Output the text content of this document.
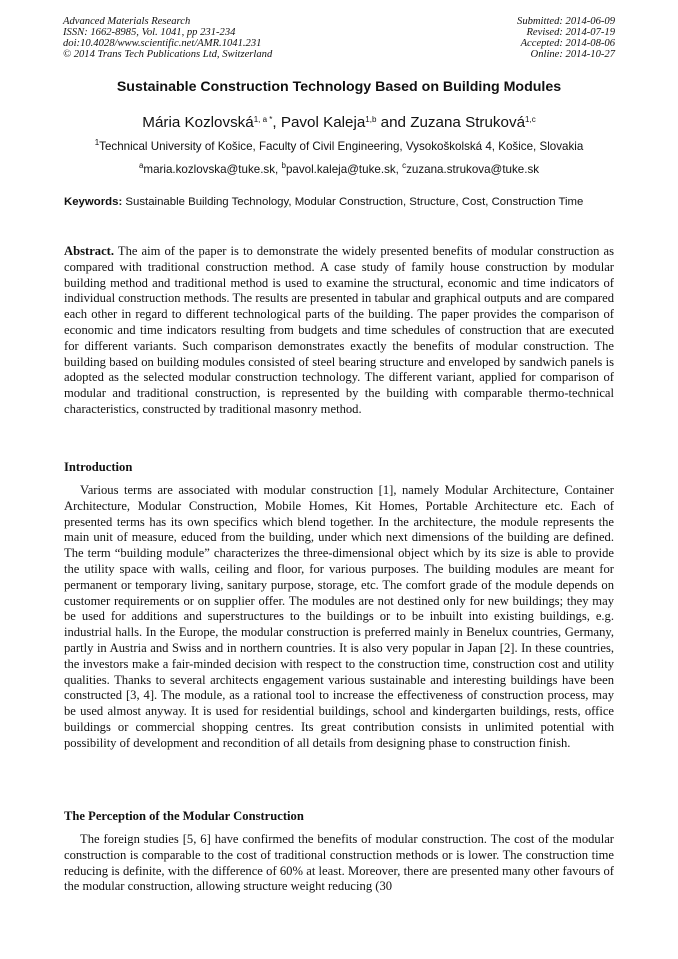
Advanced Materials Research
ISSN: 1662-8985, Vol. 1041, pp 231-234
doi:10.4028/www.scientific.net/AMR.1041.231
© 2014 Trans Tech Publications Ltd, Switzerland
Submitted: 2014-06-09
Revised: 2014-07-19
Accepted: 2014-08-06
Online: 2014-10-27
Sustainable Construction Technology Based on Building Modules
Mária Kozlovská$^{1, a *}$, Pavol Kaleja$^{1,b}$ and Zuzana Struková$^{1,c}$
$^1$Technical University of Košice, Faculty of Civil Engineering, Vysokoškolská 4, Košice, Slovakia
$^a$maria.kozlovska@tuke.sk, $^b$pavol.kaleja@tuke.sk, $^c$zuzana.strukova@tuke.sk
Keywords: Sustainable Building Technology, Modular Construction, Structure, Cost, Construction Time
Abstract. The aim of the paper is to demonstrate the widely presented benefits of modular construction as compared with traditional construction method. A case study of family house construction by modular building method and traditional method is used to examine the structural, economic and time indicators of individual construction methods. The results are presented in tabular and graphical outputs and are compared each other in regard to different technological parts of the building. The paper provides the comparison of economic and time indicators resulting from budgets and time schedules of construction that are executed for different variants. Such comparison demonstrates exactly the benefits of modular construction. The building based on building modules consisted of steel bearing structure and enveloped by sandwich panels is adopted as the selected modular construction technology. The different variant, applied for comparison of modular and traditional construction, is represented by the building with comparable thermo-technical characteristics, constructed by traditional masonry method.
Introduction
Various terms are associated with modular construction [1], namely Modular Architecture, Container Architecture, Modular Construction, Mobile Homes, Kit Homes, Portable Architecture etc. Each of presented terms has its own specifics which blend together. In the architecture, the module represents the main unit of measure, educed from the building, under which next dimensions of the building are defined. The term “building module” characterizes the three-dimensional object which by its size is able to provide the utility space with walls, ceiling and floor, for various purposes. The building modules are meant for permanent or temporary living, sanitary purpose, storage, etc. The comfort grade of the module depends on customer requirements or on supplier offer. The modules are not destined only for new buildings; they may be used for additions and superstructures to the buildings or to be inbuilt into existing buildings, e.g. industrial halls. In the Europe, the modular construction is preferred mainly in Benelux countries, Germany, partly in Austria and Swiss and in northern countries. It is also very popular in Japan [2]. In these countries, the investors make a fair-minded decision with respect to the construction time, construction cost and utility qualities. Thanks to several architects engagement various sustainable and interesting buildings have been constructed [3, 4]. The module, as a rational tool to increase the effectiveness of construction process, may be used almost anyway. It is used for residential buildings, school and kindergarten buildings, rests, office buildings or commercial shopping centres. Its great contribution consists in unlimited potential with possibility of development and recondition of all details from designing phase to construction finish.
The Perception of the Modular Construction
The foreign studies [5, 6] have confirmed the benefits of modular construction. The cost of the modular construction is comparable to the cost of traditional construction methods or is lower. The construction time reducing is definite, with the difference of 60% at least. Moreover, there are presented many other favours of the modular construction, allowing structure weight reducing (30
